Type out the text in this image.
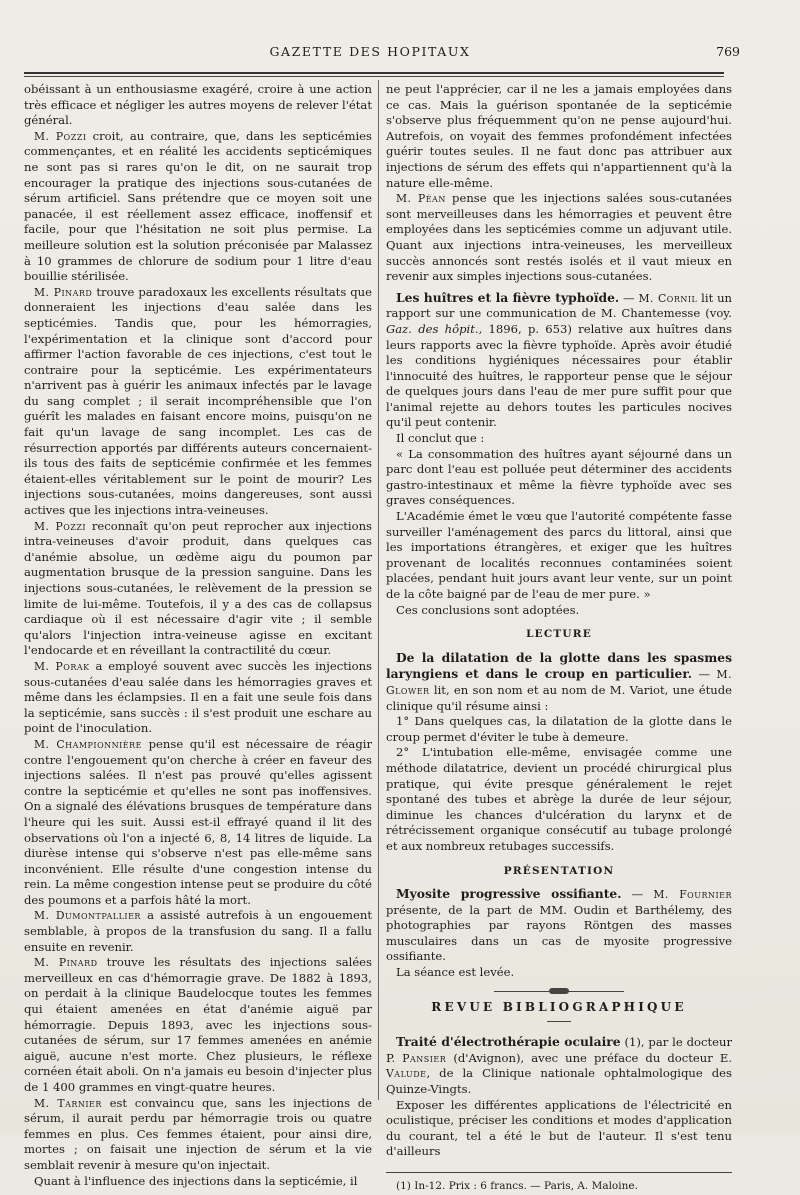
GAZETTE DES HOPITAUX	769

obéissant à un enthousiasme exagéré, croire à une action très efficace et négliger les autres moyens de relever l'état général.

M. Pozzi croit, au contraire, que, dans les septicémies commençantes, et en réalité les accidents septicémiques ne sont pas si rares qu'on le dit, on ne saurait trop encourager la pratique des injections sous-cutanées de sérum artificiel. Sans prétendre que ce moyen soit une panacée, il est réellement assez efficace, inoffensif et facile, pour que l'hésitation ne soit plus permise. La meilleure solution est la solution préconisée par Malassez à 10 grammes de chlorure de sodium pour 1 litre d'eau bouillie stérilisée.

M. Pinard trouve paradoxaux les excellents résultats que donneraient les injections d'eau salée dans les septicémies. Tandis que, pour les hémorragies, l'expérimentation et la clinique sont d'accord pour affirmer l'action favorable de ces injections, c'est tout le contraire pour la septicémie. Les expérimentateurs n'arrivent pas à guérir les animaux infectés par le lavage du sang complet ; il serait incompréhensible que l'on guérît les malades en faisant encore moins, puisqu'on ne fait qu'un lavage de sang incomplet. Les cas de résurrection apportés par différents auteurs concernaient-ils tous des faits de septicémie confirmée et les femmes étaient-elles véritablement sur le point de mourir? Les injections sous-cutanées, moins dangereuses, sont aussi actives que les injections intra-veineuses.

M. Pozzi reconnaît qu'on peut reprocher aux injections intra-veineuses d'avoir produit, dans quelques cas d'anémie absolue, un œdème aigu du poumon par augmentation brusque de la pression sanguine. Dans les injections sous-cutanées, le relèvement de la pression se limite de lui-même. Toutefois, il y a des cas de collapsus cardiaque où il est nécessaire d'agir vite ; il semble qu'alors l'injection intra-veineuse agisse en excitant l'endocarde et en réveillant la contractilité du cœur.

M. Porak a employé souvent avec succès les injections sous-cutanées d'eau salée dans les hémorragies graves et même dans les éclampsies. Il en a fait une seule fois dans la septicémie, sans succès : il s'est produit une eschare au point de l'inoculation.

M. Championnière pense qu'il est nécessaire de réagir contre l'engouement qu'on cherche à créer en faveur des injections salées. Il n'est pas prouvé qu'elles agissent contre la septicémie et qu'elles ne sont pas inoffensives. On a signalé des élévations brusques de température dans l'heure qui les suit. Aussi est-il effrayé quand il lit des observations où l'on a injecté 6, 8, 14 litres de liquide. La diurèse intense qui s'observe n'est pas elle-même sans inconvénient. Elle résulte d'une congestion intense du rein. La même congestion intense peut se produire du côté des poumons et a parfois hâté la mort.

M. Dumontpallier a assisté autrefois à un engouement semblable, à propos de la transfusion du sang. Il a fallu ensuite en revenir.

M. Pinard trouve les résultats des injections salées merveilleux en cas d'hémorragie grave. De 1882 à 1893, on perdait à la clinique Baudelocque toutes les femmes qui étaient amenées en état d'anémie aiguë par hémorragie. Depuis 1893, avec les injections sous-cutanées de sérum, sur 17 femmes amenées en anémie aiguë, aucune n'est morte. Chez plusieurs, le réflexe cornéen était aboli. On n'a jamais eu besoin d'injecter plus de 1 400 grammes en vingt-quatre heures.

M. Tarnier est convaincu que, sans les injections de sérum, il aurait perdu par hémorragie trois ou quatre femmes en plus. Ces femmes étaient, pour ainsi dire, mortes ; on faisait une injection de sérum et la vie semblait revenir à mesure qu'on injectait.

Quant à l'influence des injections dans la septicémie, il

ne peut l'apprécier, car il ne les a jamais employées dans ce cas. Mais la guérison spontanée de la septicémie s'observe plus fréquemment qu'on ne pense aujourd'hui. Autrefois, on voyait des femmes profondément infectées guérir toutes seules. Il ne faut donc pas attribuer aux injections de sérum des effets qui n'appartiennent qu'à la nature elle-même.

M. Péan pense que les injections salées sous-cutanées sont merveilleuses dans les hémorragies et peuvent être employées dans les septicémies comme un adjuvant utile. Quant aux injections intra-veineuses, les merveilleux succès annoncés sont restés isolés et il vaut mieux en revenir aux simples injections sous-cutanées.

Les huîtres et la fièvre typhoïde. — M. Cornil lit un rapport sur une communication de M. Chantemesse (voy. Gaz. des hôpit., 1896, p. 653) relative aux huîtres dans leurs rapports avec la fièvre typhoïde. Après avoir étudié les conditions hygiéniques nécessaires pour établir l'innocuité des huîtres, le rapporteur pense que le séjour de quelques jours dans l'eau de mer pure suffit pour que l'animal rejette au dehors toutes les particules nocives qu'il peut contenir.

Il conclut que :

« La consommation des huîtres ayant séjourné dans un parc dont l'eau est polluée peut déterminer des accidents gastro-intestinaux et même la fièvre typhoïde avec ses graves conséquences.

L'Académie émet le vœu que l'autorité compétente fasse surveiller l'aménagement des parcs du littoral, ainsi que les importations étrangères, et exiger que les huîtres provenant de localités reconnues contaminées soient placées, pendant huit jours avant leur vente, sur un point de la côte baigné par de l'eau de mer pure. »

Ces conclusions sont adoptées.

LECTURE

De la dilatation de la glotte dans les spasmes laryngiens et dans le croup en particulier. — M. Glower lit, en son nom et au nom de M. Variot, une étude clinique qu'il résume ainsi :

1° Dans quelques cas, la dilatation de la glotte dans le croup permet d'éviter le tube à demeure.

2° L'intubation elle-même, envisagée comme une méthode dilatatrice, devient un procédé chirurgical plus pratique, qui évite presque généralement le rejet spontané des tubes et abrège la durée de leur séjour, diminue les chances d'ulcération du larynx et de rétrécissement organique consécutif au tubage prolongé et aux nombreux retubages successifs.

PRÉSENTATION

Myosite progressive ossifiante. — M. Fournier présente, de la part de MM. Oudin et Barthélemy, des photographies par rayons Röntgen des masses musculaires dans un cas de myosite progressive ossifiante.

La séance est levée.

REVUE BIBLIOGRAPHIQUE

Traité d'électrothérapie oculaire (1), par le docteur P. Pansier (d'Avignon), avec une préface du docteur E. Valude, de la Clinique nationale ophtalmologique des Quinze-Vingts.

Exposer les différentes applications de l'électricité en oculistique, préciser les conditions et modes d'application du courant, tel a été le but de l'auteur. Il s'est tenu d'ailleurs

(1) In-12. Prix : 6 francs. — Paris, A. Maloine.
